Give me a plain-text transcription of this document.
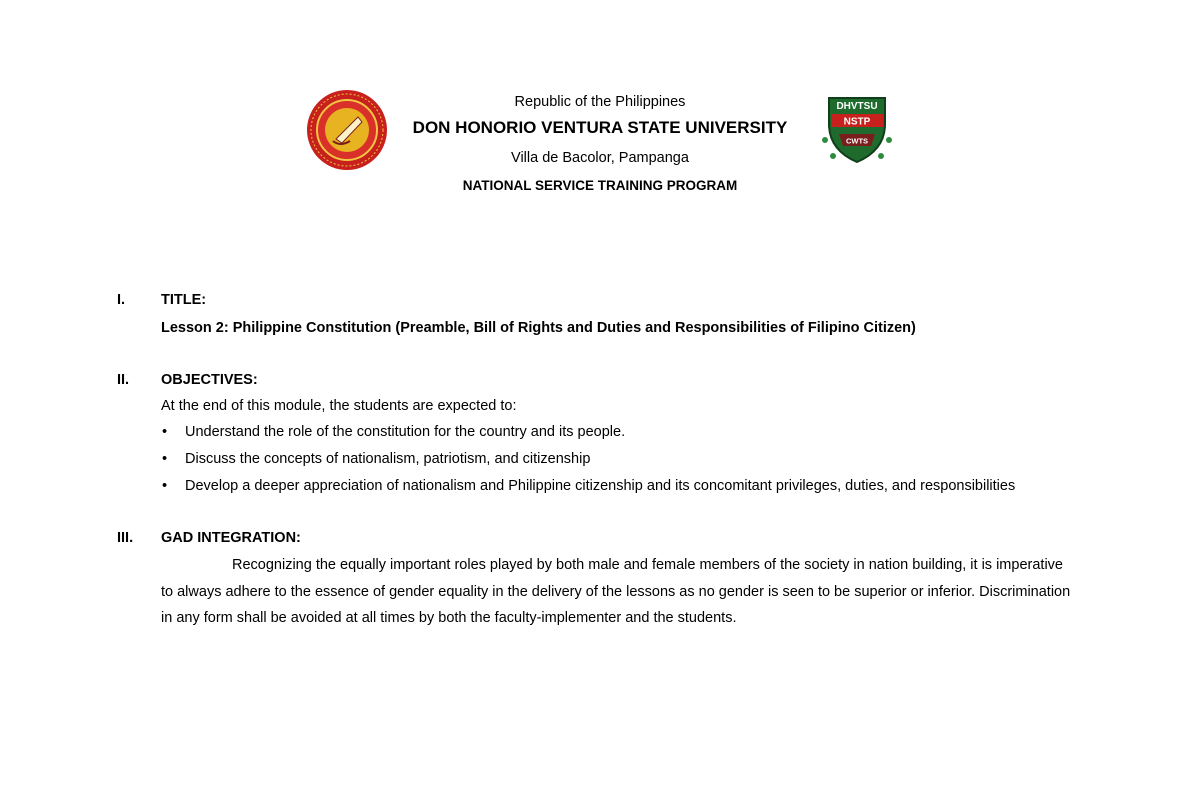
DHVTSU
NSTP
CWTS
Republic of the Philippines
DON HONORIO VENTURA STATE UNIVERSITY
Villa de Bacolor, Pampanga
NATIONAL SERVICE TRAINING PROGRAM
I. TITLE:
Lesson 2: Philippine Constitution (Preamble, Bill of Rights and Duties and Responsibilities of Filipino Citizen)
II. OBJECTIVES:
At the end of this module, the students are expected to:
• Understand the role of the constitution for the country and its people.
• Discuss the concepts of nationalism, patriotism, and citizenship
• Develop a deeper appreciation of nationalism and Philippine citizenship and its concomitant privileges, duties, and responsibilities
III. GAD INTEGRATION:
Recognizing the equally important roles played by both male and female members of the society in nation building, it is imperative
to always adhere to the essence of gender equality in the delivery of the lessons as no gender is seen to be superior or inferior. Discrimination
in any form shall be avoided at all times by both the faculty-implementer and the students.
